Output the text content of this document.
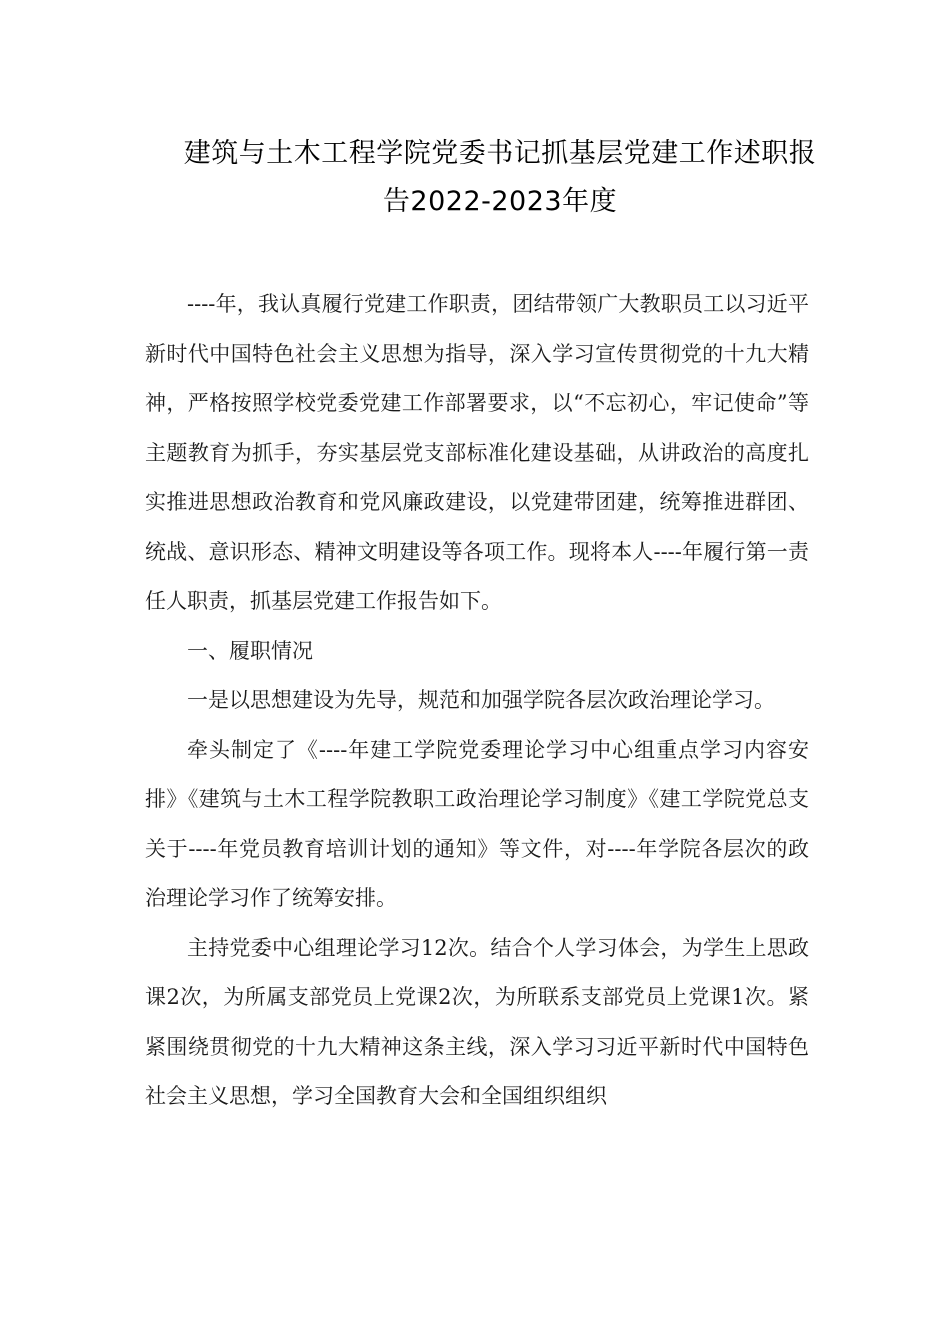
建筑与土木工程学院党委书记抓基层党建工作述职报
告2022-2023年度

----年，我认真履行党建工作职责，团结带领广大教职员工以习近平新时代中国特色社会主义思想为指导，深入学习宣传贯彻党的十九大精神，严格按照学校党委党建工作部署要求，以“不忘初心，牢记使命”等主题教育为抓手，夯实基层党支部标准化建设基础，从讲政治的高度扎实推进思想政治教育和党风廉政建设，以党建带团建，统筹推进群团、统战、意识形态、精神文明建设等各项工作。现将本人----年履行第一责任人职责，抓基层党建工作报告如下。

一、履职情况

一是以思想建设为先导，规范和加强学院各层次政治理论学习。

牵头制定了《----年建工学院党委理论学习中心组重点学习内容安排》《建筑与土木工程学院教职工政治理论学习制度》《建工学院党总支关于----年党员教育培训计划的通知》等文件，对----年学院各层次的政治理论学习作了统筹安排。

主持党委中心组理论学习12次。结合个人学习体会，为学生上思政课2次，为所属支部党员上党课2次，为所联系支部党员上党课1次。紧紧围绕贯彻党的十九大精神这条主线，深入学习习近平新时代中国特色社会主义思想，学习全国教育大会和全国组织组织
